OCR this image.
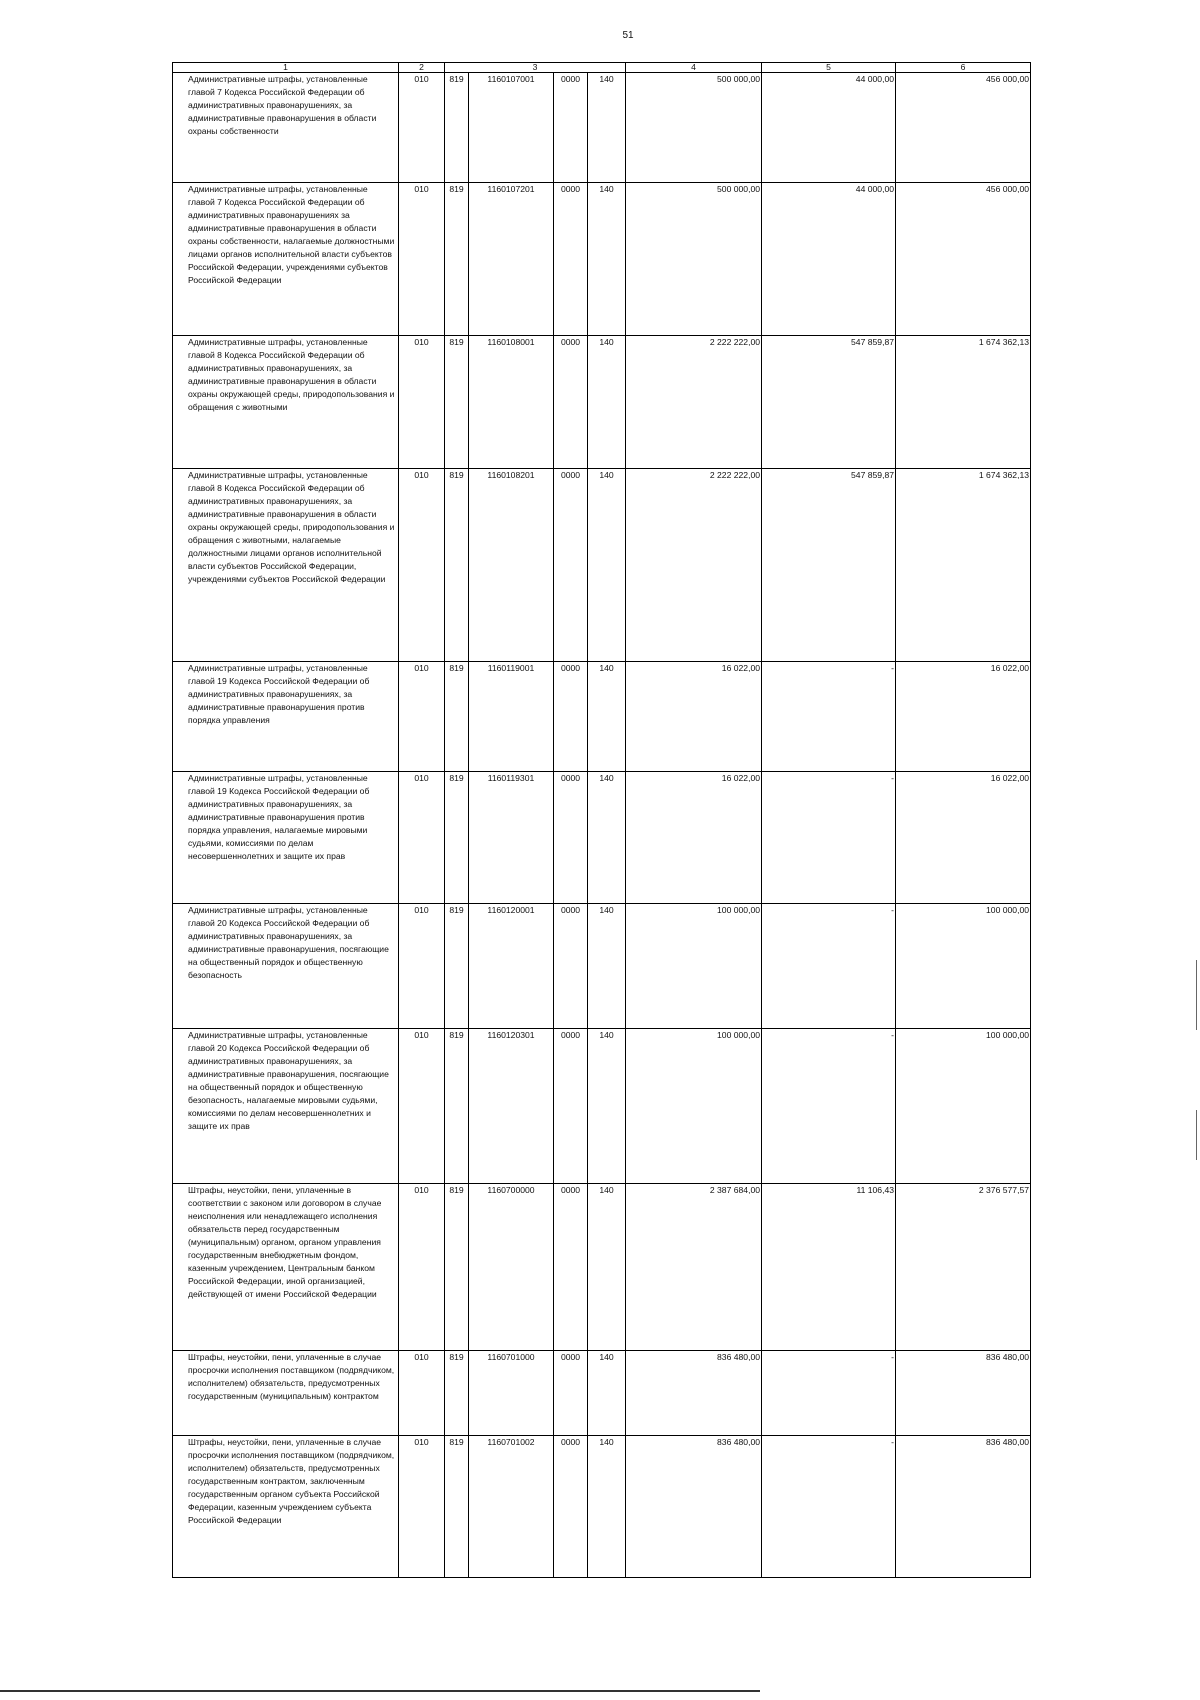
51
1	2	3				4	5	6
Административные штрафы, установленные главой 7 Кодекса Российской Федерации об административных правонарушениях, за административные правонарушения в области охраны собственности	010	819	1160107001	0000	140	500 000,00	44 000,00	456 000,00
Административные штрафы, установленные главой 7 Кодекса Российской Федерации об административных правонарушениях за административные правонарушения в области охраны собственности, налагаемые должностными лицами органов исполнительной власти субъектов Российской Федерации, учреждениями субъектов Российской Федерации	010	819	1160107201	0000	140	500 000,00	44 000,00	456 000,00
Административные штрафы, установленные главой 8 Кодекса Российской Федерации об административных правонарушениях, за административные правонарушения в области охраны окружающей среды, природопользования и обращения с животными	010	819	1160108001	0000	140	2 222 222,00	547 859,87	1 674 362,13
Административные штрафы, установленные главой 8 Кодекса Российской Федерации об административных правонарушениях, за административные правонарушения в области охраны окружающей среды, природопользования и обращения с животными, налагаемые должностными лицами органов исполнительной власти субъектов Российской Федерации, учреждениями субъектов Российской Федерации	010	819	1160108201	0000	140	2 222 222,00	547 859,87	1 674 362,13
Административные штрафы, установленные главой 19 Кодекса Российской Федерации об административных правонарушениях, за административные правонарушения против порядка управления	010	819	1160119001	0000	140	16 022,00	-	16 022,00
Административные штрафы, установленные главой 19 Кодекса Российской Федерации об административных правонарушениях, за административные правонарушения против порядка управления, налагаемые мировыми судьями, комиссиями по делам несовершеннолетних и защите их прав	010	819	1160119301	0000	140	16 022,00	-	16 022,00
Административные штрафы, установленные главой 20 Кодекса Российской Федерации об административных правонарушениях, за административные правонарушения, посягающие на общественный порядок и общественную безопасность	010	819	1160120001	0000	140	100 000,00	-	100 000,00
Административные штрафы, установленные главой 20 Кодекса Российской Федерации об административных правонарушениях, за административные правонарушения, посягающие на общественный порядок и общественную безопасность, налагаемые мировыми судьями, комиссиями по делам несовершеннолетних и защите их прав	010	819	1160120301	0000	140	100 000,00	-	100 000,00
Штрафы, неустойки, пени, уплаченные в соответствии с законом или договором в случае неисполнения или ненадлежащего исполнения обязательств перед государственным (муниципальным) органом, органом управления государственным внебюджетным фондом, казенным учреждением, Центральным банком Российской Федерации, иной организацией, действующей от имени Российской Федерации	010	819	1160700000	0000	140	2 387 684,00	11 106,43	2 376 577,57
Штрафы, неустойки, пени, уплаченные в случае просрочки исполнения поставщиком (подрядчиком, исполнителем) обязательств, предусмотренных государственным (муниципальным) контрактом	010	819	1160701000	0000	140	836 480,00	-	836 480,00
Штрафы, неустойки, пени, уплаченные в случае просрочки исполнения поставщиком (подрядчиком, исполнителем) обязательств, предусмотренных государственным контрактом, заключенным государственным органом субъекта Российской Федерации, казенным учреждением субъекта Российской Федерации	010	819	1160701002	0000	140	836 480,00	-	836 480,00
